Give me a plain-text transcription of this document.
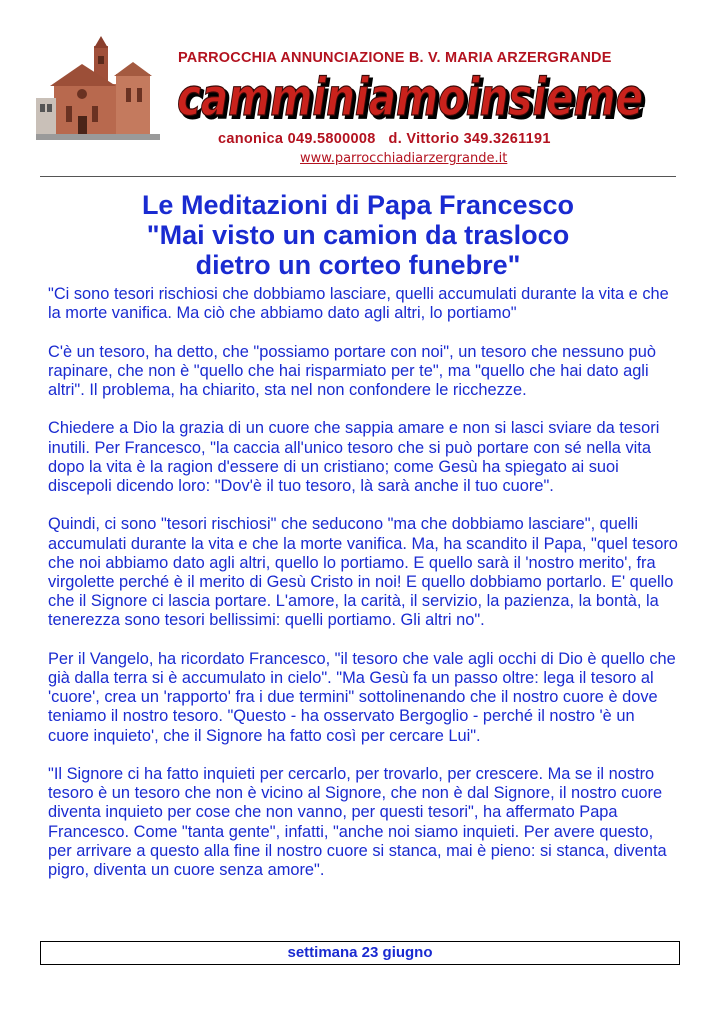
PARROCCHIA ANNUNCIAZIONE B. V. MARIA ARZERGRANDE
camminiamoinsieme
camminiamoinsieme
canonica 049.5800008   d. Vittorio 349.3261191
www.parrocchiadiarzergrande.it
Le Meditazioni di Papa Francesco
"Mai visto un camion da trasloco
dietro un corteo funebre"

"Ci sono tesori rischiosi che dobbiamo lasciare, quelli accumulati durante la vita e che la morte vanifica. Ma ciò che abbiamo dato agli altri, lo portiamo"

C'è un tesoro, ha detto, che "possiamo portare con noi", un tesoro che nessuno può rapinare, che non è "quello che hai risparmiato per te", ma "quello che hai dato agli altri". Il problema, ha chiarito, sta nel non confondere le ricchezze.

Chiedere a Dio la grazia di un cuore che sappia amare e non si lasci sviare da tesori inutili. Per Francesco, "la caccia all'unico tesoro che si può portare con sé nella vita dopo la vita è la ragion d'essere di un cristiano; come Gesù ha spiegato ai suoi discepoli dicendo loro: "Dov'è il tuo tesoro, là sarà anche il tuo cuore".

Quindi, ci sono "tesori rischiosi" che seducono "ma che dobbiamo lasciare", quelli accumulati durante la vita e che la morte vanifica. Ma, ha scandito il Papa, "quel tesoro che noi abbiamo dato agli altri, quello lo portiamo. E quello sarà il 'nostro merito', fra virgolette perché è il merito di Gesù Cristo in noi! E quello dobbiamo portarlo. E' quello che il Signore ci lascia portare. L'amore, la carità, il servizio, la pazienza, la bontà, la tenerezza sono tesori bellissimi: quelli portiamo. Gli altri no".

Per il Vangelo, ha ricordato Francesco, "il tesoro che vale agli occhi di Dio è quello che già dalla terra si è accumulato in cielo". "Ma Gesù fa un passo oltre: lega il tesoro al 'cuore', crea un 'rapporto' fra i due termini" sottolinenando che il nostro cuore è dove teniamo il nostro tesoro. "Questo - ha osservato Bergoglio - perché il nostro 'è un cuore inquieto', che il Signore ha fatto così per cercare Lui".

"Il Signore ci ha fatto inquieti per cercarlo, per trovarlo, per crescere. Ma se il nostro tesoro è un tesoro che non è vicino al Signore, che non è dal Signore, il nostro cuore diventa inquieto per cose che non vanno, per questi tesori", ha affermato Papa Francesco. Come "tanta gente", infatti, "anche noi siamo inquieti. Per avere questo, per arrivare a questo alla fine il nostro cuore si stanca, mai è pieno: si stanca, diventa pigro, diventa un cuore senza amore".

settimana 23 giugno
